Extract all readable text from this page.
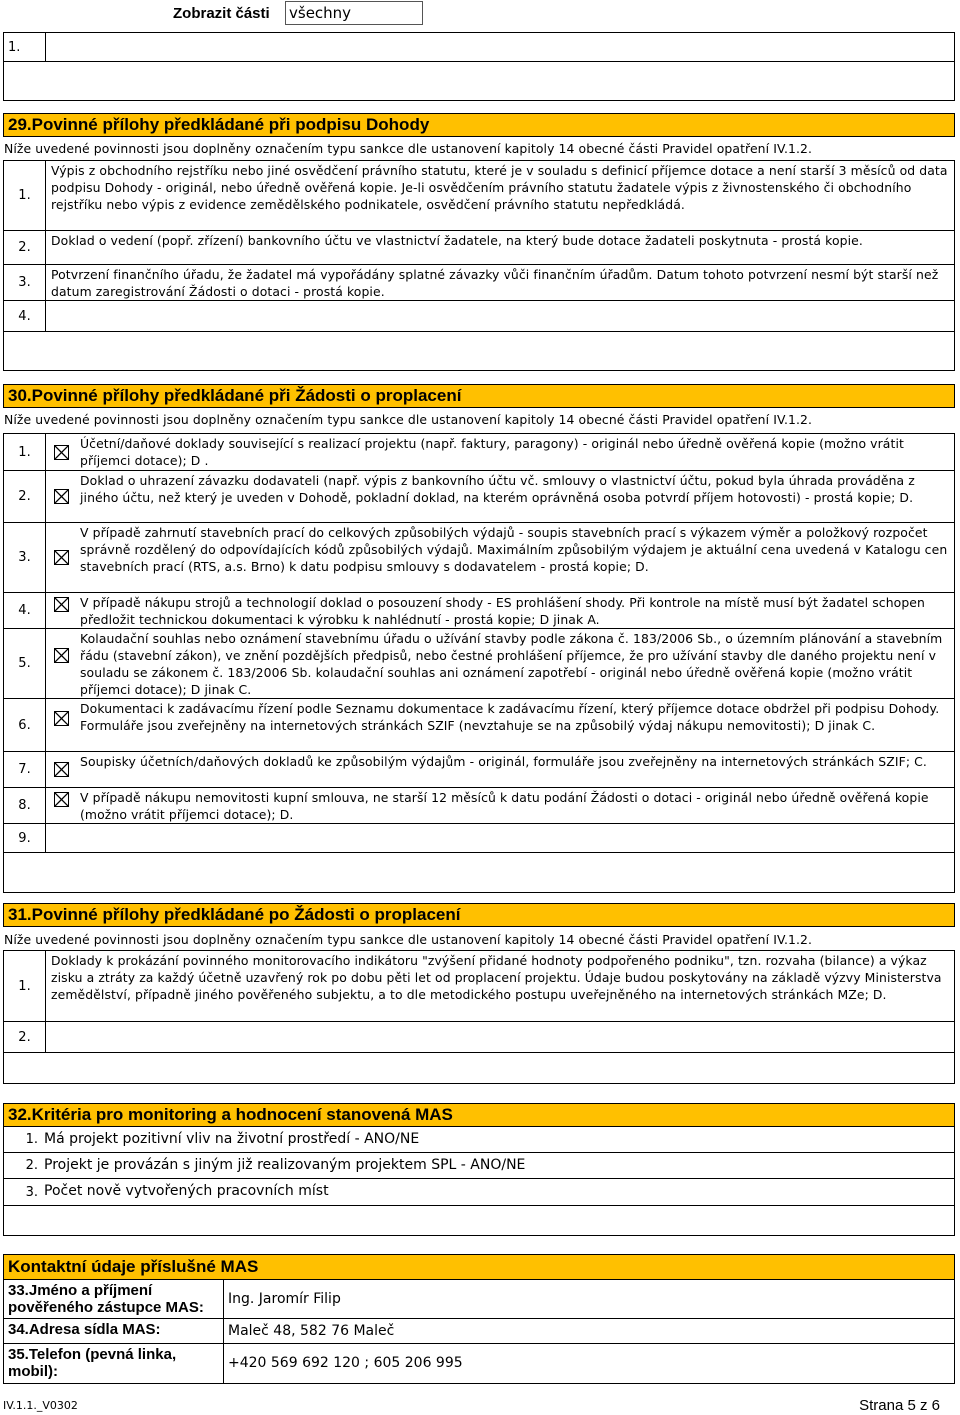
Zobrazit části všechny
1.
29.Povinné přílohy předkládané při podpisu Dohody
Níže uvedené povinnosti jsou doplněny označením typu sankce dle ustanovení kapitoly 14 obecné části Pravidel opatření IV.1.2.
1.
Výpis z obchodního rejstříku nebo jiné osvědčení právního statutu, které je v souladu s definicí příjemce dotace a není starší 3 měsíců od data podpisu Dohody - originál, nebo úředně ověřená kopie. Je-li osvědčením právního statutu žadatele výpis z živnostenského či obchodního rejstříku nebo výpis z evidence zemědělského podnikatele, osvědčení právního statutu nepředkládá.
2.	Doklad o vedení (popř. zřízení) bankovního účtu ve vlastnictví žadatele, na který bude dotace žadateli poskytnuta - prostá kopie.
3.
Potvrzení finančního úřadu, že žadatel má vypořádány splatné závazky vůči finančním úřadům. Datum tohoto potvrzení nesmí být starší než datum zaregistrování Žádosti o dotaci - prostá kopie.
4.
30.Povinné přílohy předkládané při Žádosti o proplacení
Níže uvedené povinnosti jsou doplněny označením typu sankce dle ustanovení kapitoly 14 obecné části Pravidel opatření IV.1.2.
1.
Účetní/daňové doklady související s realizací projektu (např. faktury, paragony) - originál nebo úředně ověřená kopie (možno vrátit příjemci dotace); D .
2.
Doklad o uhrazení závazku dodavateli (např. výpis z bankovního účtu vč. smlouvy o vlastnictví účtu, pokud byla úhrada prováděna z jiného účtu, než který je uveden v Dohodě, pokladní doklad, na kterém oprávněná osoba potvrdí příjem hotovosti) - prostá kopie; D.
3.
V případě zahrnutí stavebních prací do celkových způsobilých výdajů - soupis stavebních prací s výkazem výměr a položkový rozpočet správně rozdělený do odpovídajících kódů způsobilých výdajů. Maximálním způsobilým výdajem je aktuální cena uvedená v Katalogu cen stavebních prací (RTS, a.s. Brno) k datu podpisu smlouvy s dodavatelem - prostá kopie; D.
4.
V případě nákupu strojů a technologií doklad o posouzení shody - ES prohlášení shody. Při kontrole na místě musí být žadatel schopen předložit technickou dokumentaci k výrobku k nahlédnutí - prostá kopie; D jinak A.
5.
Kolaudační souhlas nebo oznámení stavebnímu úřadu o užívání stavby podle zákona č. 183/2006 Sb., o územním plánování a stavebním řádu (stavební zákon), ve znění pozdějších předpisů, nebo čestné prohlášení příjemce, že pro užívání stavby dle daného projektu není v souladu se zákonem č. 183/2006 Sb. kolaudační souhlas ani oznámení zapotřebí - originál nebo úředně ověřená kopie (možno vrátit příjemci dotace); D jinak C.
6.
Dokumentaci k zadávacímu řízení podle Seznamu dokumentace k zadávacímu řízení, který příjemce dotace obdržel při podpisu Dohody. Formuláře jsou zveřejněny na internetových stránkách SZIF (nevztahuje se na způsobilý výdaj nákupu nemovitosti); D jinak C.
7.
Soupisky účetních/daňových dokladů ke způsobilým výdajům - originál, formuláře jsou zveřejněny na internetových stránkách SZIF; C.
8.
V případě nákupu nemovitosti kupní smlouva, ne starší 12 měsíců k datu podání Žádosti o dotaci - originál nebo úředně ověřená kopie (možno vrátit příjemci dotace); D.
9.
31.Povinné přílohy předkládané po Žádosti o proplacení
Níže uvedené povinnosti jsou doplněny označením typu sankce dle ustanovení kapitoly 14 obecné části Pravidel opatření IV.1.2.
1.
Doklady k prokázání povinného monitorovacího indikátoru "zvýšení přidané hodnoty podpořeného podniku", tzn. rozvaha (bilance) a výkaz zisku a ztráty za každý účetně uzavřený rok po dobu pěti let od proplacení projektu. Údaje budou poskytovány na základě výzvy Ministerstva zemědělství, případně jiného pověřeného subjektu, a to dle metodického postupu uveřejněného na internetových stránkách MZe; D.
2.
32.Kritéria pro monitoring a hodnocení stanovená MAS
1. Má projekt pozitivní vliv na životní prostředí - ANO/NE
2. Projekt je provázán s jiným již realizovaným projektem SPL - ANO/NE
3. Počet nově vytvořených pracovních míst
Kontaktní údaje příslušné MAS
33.Jméno a příjmení pověřeného zástupce MAS:
Ing. Jaromír Filip
34.Adresa sídla MAS:	Maleč 48, 582 76 Maleč
35.Telefon (pevná linka, mobil):	+420 569 692 120 ; 605 206 995
IV.1.1._V0302	Strana 5 z 6
